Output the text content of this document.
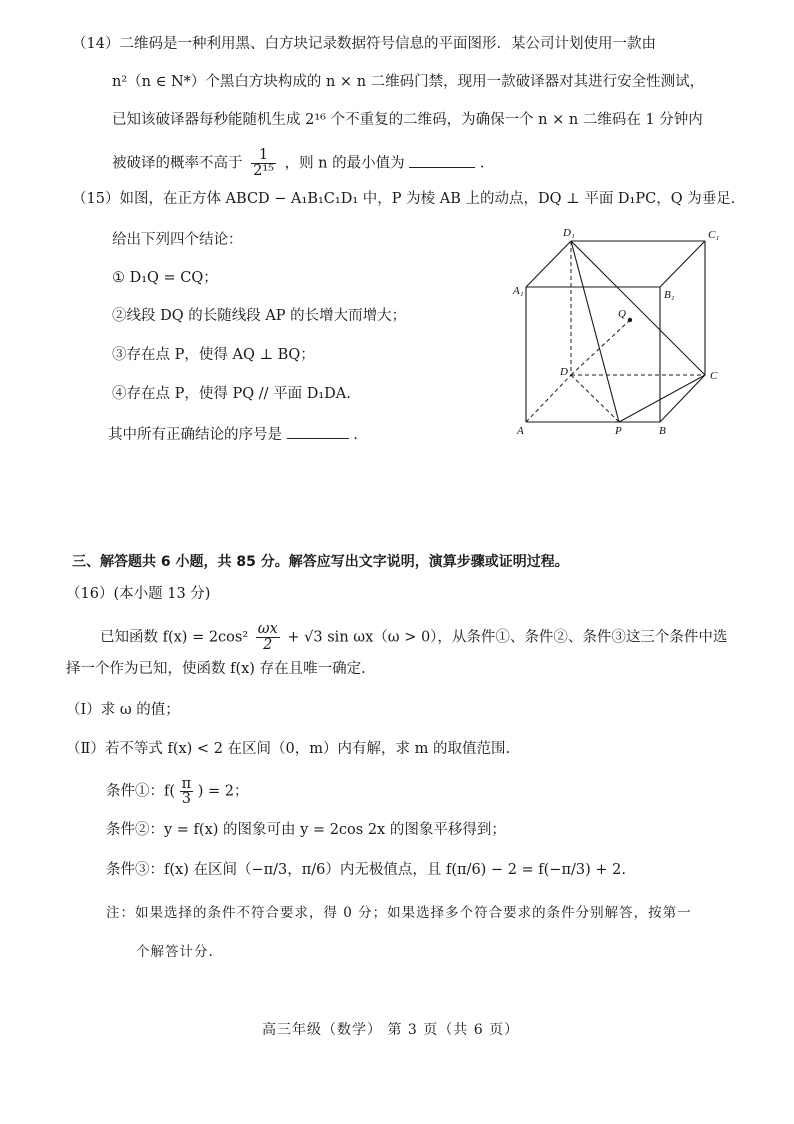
（14）二维码是一种利用黑、白方块记录数据符号信息的平面图形．某公司计划使用一款由
n²（n ∈ N*）个黑白方块构成的 n × n 二维码门禁，现用一款破译器对其进行安全性测试，
已知该破译器每秒能随机生成 2¹⁶ 个不重复的二维码，为确保一个 n × n 二维码在 1 分钟内
被破译的概率不高于 $\frac{1}{\text{2¹⁵}}$ ，则 n 的最小值为	.
（15）如图，在正方体 ABCD − A₁B₁C₁D₁ 中，P 为棱 AB 上的动点，DQ ⊥ 平面 D₁PC，Q 为垂足.
给出下列四个结论：
① D₁Q = CQ；
②线段 DQ 的长随线段 AP 的长增大而增大；
③存在点 P，使得 AQ ⊥ BQ；
④存在点 P，使得 PQ // 平面 D₁DA.
其中所有正确结论的序号是	.
D₁	C₁
A₁	B₁
Q
D	C
A	P	B
三、解答题共 6 小题，共 85 分。解答应写出文字说明，演算步骤或证明过程。
（16）(本小题 13 分)
已知函数 $f(x) = 2\cos^2 \frac{\omega x}{2} + √3$ sin ωx（ω > 0），从条件①、条件②、条件③这三个条件中选
择一个作为已知，使函数 f(x) 存在且唯一确定.
（Ⅰ）求 ω 的值；
（Ⅱ）若不等式 f(x) < 2 在区间（0，m）内有解，求 m 的取值范围.
条件①：$f( \frac{\pi}{3}$ ) = 2；
条件②：y = f(x) 的图象可由 y = 2cos 2x 的图象平移得到；
条件③：f(x) 在区间（−π/3，π/6）内无极值点，且 f(π/6) − 2 = f(−π/3) + 2.
注：如果选择的条件不符合要求，得 0 分；如果选择多个符合要求的条件分别解答，按第一
个解答计分.
高三年级（数学） 第 3 页（共 6 页）
